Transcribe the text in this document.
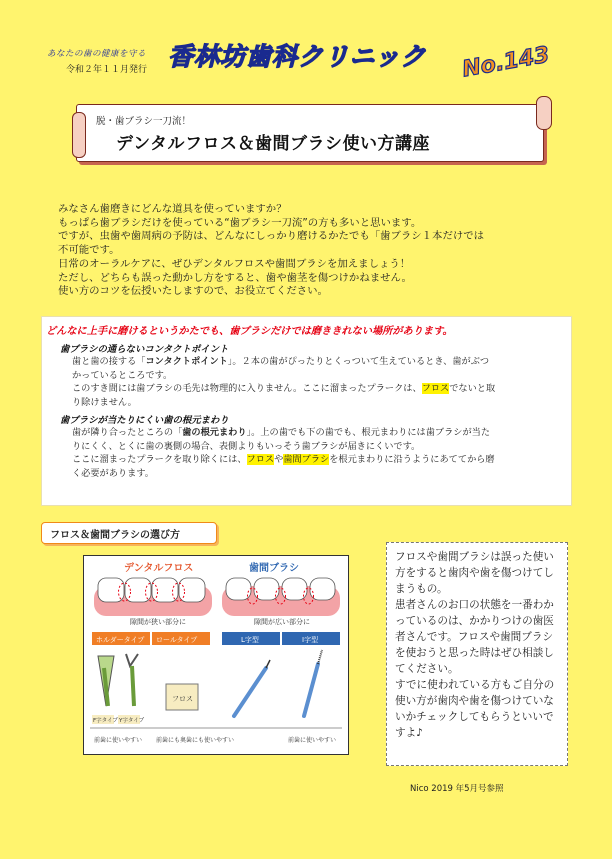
あなたの歯の健康を守る
令和２年１１月発行 香林坊歯科クリニック No.143
脱・歯ブラシ一刀流！
デンタルフロス＆歯間ブラシ使い方講座

みなさん歯磨きにどんな道具を使っていますか？

もっぱら歯ブラシだけを使っている“歯ブラシ一刀流”の方も多いと思います。

ですが、虫歯や歯周病の予防は、どんなにしっかり磨けるかたでも「歯ブラシ１本だけでは

不可能です。

日常のオーラルケアに、ぜひデンタルフロスや歯間ブラシを加えましょう！

ただし、どちらも誤った動かし方をすると、歯や歯茎を傷つけかねません。

使い方のコツを伝授いたしますので、お役立てください。

どんなに上手に磨けるというかたでも、歯ブラシだけでは磨ききれない場所があります。
歯ブラシの通らないコンタクトポイント
歯と歯の接する「コンタクトポイント」。２本の歯がぴったりとくっついて生えているとき、歯がぶつ
かっているところです。
このすき間には歯ブラシの毛先は物理的に入りません。ここに溜まったプラークは、フロスでないと取
り除けません。
歯ブラシが当たりにくい歯の根元まわり
歯が隣り合ったところの「歯の根元まわり」。上の歯でも下の歯でも、根元まわりには歯ブラシが当た
りにくく、とくに歯の裏側の場合、表側よりもいっそう歯ブラシが届きにくいです。
ここに溜まったプラークを取り除くには、フロスや歯間ブラシを根元まわりに沿うようにあててから磨
く必要があります。
フロス＆歯間ブラシの選び方
デンタルフロス	歯間ブラシ
隙間が狭い部分に	隙間が広い部分に
ホルダータイプ ロールタイプ	L字型	I字型
フロス
F字タイプ Y字タイプ
前歯に使いやすい 前歯にも奥歯にも使いやすい	前歯に使いやすい

フロスや歯間ブラシは誤った使い方をすると歯肉や歯を傷つけてしまうもの。

患者さんのお口の状態を一番わかっているのは、かかりつけの歯医者さんです。フロスや歯間ブラシを使おうと思った時はぜひ相談してください。

すでに使われている方もご自分の使い方が歯肉や歯を傷つけていないかチェックしてもらうといいですよ♪

Nico 2019 年5月号参照
